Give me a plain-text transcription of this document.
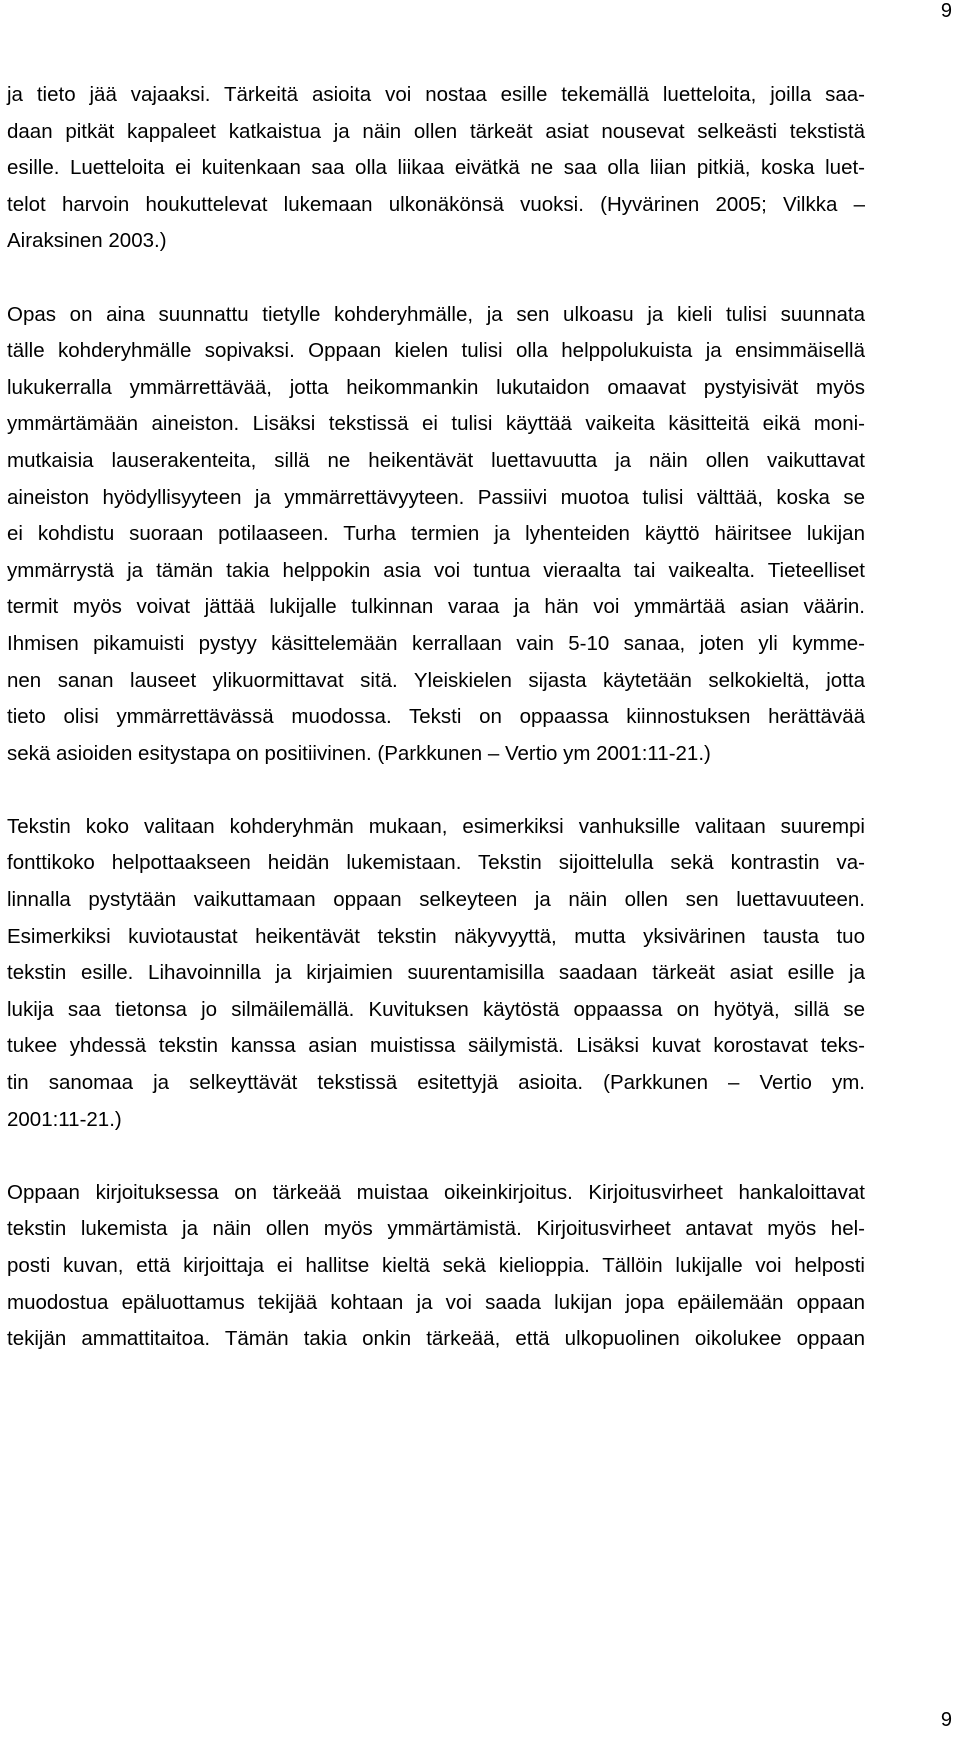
9
ja tieto jää vajaaksi. Tärkeitä asioita voi nostaa esille tekemällä luetteloita, joilla saa-
daan pitkät kappaleet katkaistua ja näin ollen tärkeät asiat nousevat selkeästi tekstistä
esille. Luetteloita ei kuitenkaan saa olla liikaa eivätkä ne saa olla liian pitkiä, koska luet-
telot harvoin houkuttelevat lukemaan ulkonäkönsä vuoksi. (Hyvärinen 2005; Vilkka –
Airaksinen 2003.)
Opas on aina suunnattu tietylle kohderyhmälle, ja sen ulkoasu ja kieli tulisi suunnata
tälle kohderyhmälle sopivaksi. Oppaan kielen tulisi olla helppolukuista ja ensimmäisellä
lukukerralla ymmärrettävää, jotta heikommankin lukutaidon omaavat pystyisivät myös
ymmärtämään aineiston. Lisäksi tekstissä ei tulisi käyttää vaikeita käsitteitä eikä moni-
mutkaisia lauserakenteita, sillä ne heikentävät luettavuutta ja näin ollen vaikuttavat
aineiston hyödyllisyyteen ja ymmärrettävyyteen. Passiivi muotoa tulisi välttää, koska se
ei kohdistu suoraan potilaaseen. Turha termien ja lyhenteiden käyttö häiritsee lukijan
ymmärrystä ja tämän takia helppokin asia voi tuntua vieraalta tai vaikealta. Tieteelliset
termit myös voivat jättää lukijalle tulkinnan varaa ja hän voi ymmärtää asian väärin.
Ihmisen pikamuisti pystyy käsittelemään kerrallaan vain 5-10 sanaa, joten yli kymme-
nen sanan lauseet ylikuormittavat sitä. Yleiskielen sijasta käytetään selkokieltä, jotta
tieto olisi ymmärrettävässä muodossa. Teksti on oppaassa kiinnostuksen herättävää
sekä asioiden esitystapa on positiivinen. (Parkkunen – Vertio ym 2001:11-21.)
Tekstin koko valitaan kohderyhmän mukaan, esimerkiksi vanhuksille valitaan suurempi
fonttikoko helpottaakseen heidän lukemistaan. Tekstin sijoittelulla sekä kontrastin va-
linnalla pystytään vaikuttamaan oppaan selkeyteen ja näin ollen sen luettavuuteen.
Esimerkiksi kuviotaustat heikentävät tekstin näkyvyyttä, mutta yksivärinen tausta tuo
tekstin esille. Lihavoinnilla ja kirjaimien suurentamisilla saadaan tärkeät asiat esille ja
lukija saa tietonsa jo silmäilemällä. Kuvituksen käytöstä oppaassa on hyötyä, sillä se
tukee yhdessä tekstin kanssa asian muistissa säilymistä. Lisäksi kuvat korostavat teks-
tin sanomaa ja selkeyttävät tekstissä esitettyjä asioita. (Parkkunen – Vertio ym.
2001:11-21.)
Oppaan kirjoituksessa on tärkeää muistaa oikeinkirjoitus. Kirjoitusvirheet hankaloittavat
tekstin lukemista ja näin ollen myös ymmärtämistä. Kirjoitusvirheet antavat myös hel-
posti kuvan, että kirjoittaja ei hallitse kieltä sekä kielioppia. Tällöin lukijalle voi helposti
muodostua epäluottamus tekijää kohtaan ja voi saada lukijan jopa epäilemään oppaan
tekijän ammattitaitoa. Tämän takia onkin tärkeää, että ulkopuolinen oikolukee oppaan
9
